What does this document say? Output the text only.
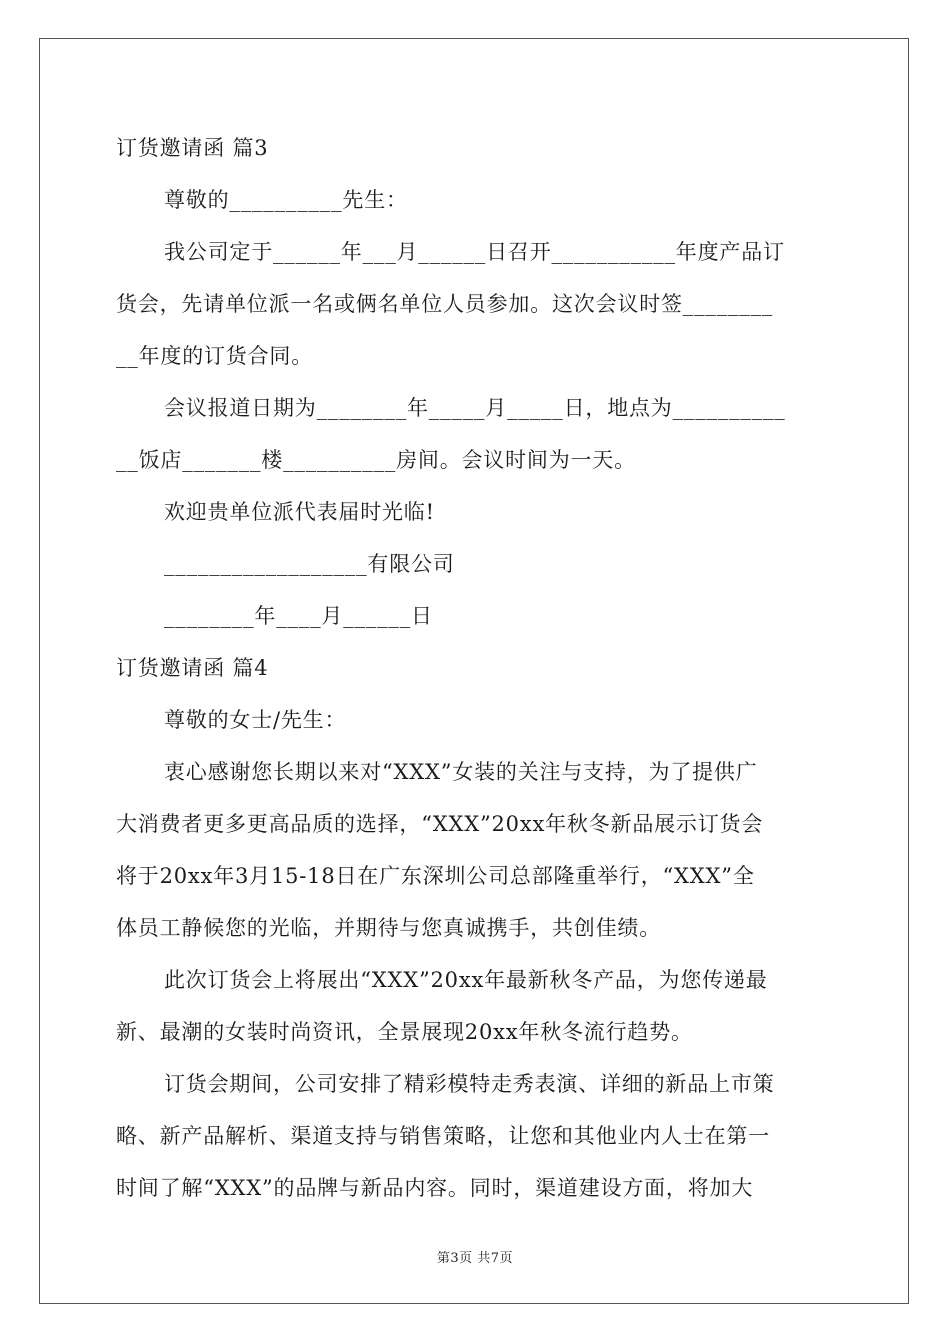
订货邀请函 篇3
尊敬的__________先生：
我公司定于______年___月______日召开___________年度产品订
货会，先请单位派一名或俩名单位人员参加。这次会议时签________
__年度的订货合同。
会议报道日期为________年_____月_____日，地点为__________
__饭店_______楼__________房间。会议时间为一天。
欢迎贵单位派代表届时光临!
__________________有限公司
________年____月______日
订货邀请函 篇4
尊敬的女士/先生：
衷心感谢您长期以来对“XXX”女装的关注与支持，为了提供广
大消费者更多更高品质的选择，“XXX”20xx年秋冬新品展示订货会
将于20xx年3月15-18日在广东深圳公司总部隆重举行，“XXX”全
体员工静候您的光临，并期待与您真诚携手，共创佳绩。
此次订货会上将展出“XXX”20xx年最新秋冬产品，为您传递最
新、最潮的女装时尚资讯，全景展现20xx年秋冬流行趋势。
订货会期间，公司安排了精彩模特走秀表演、详细的新品上市策
略、新产品解析、渠道支持与销售策略，让您和其他业内人士在第一
时间了解“XXX”的品牌与新品内容。同时，渠道建设方面，将加大
第3页 共7页
